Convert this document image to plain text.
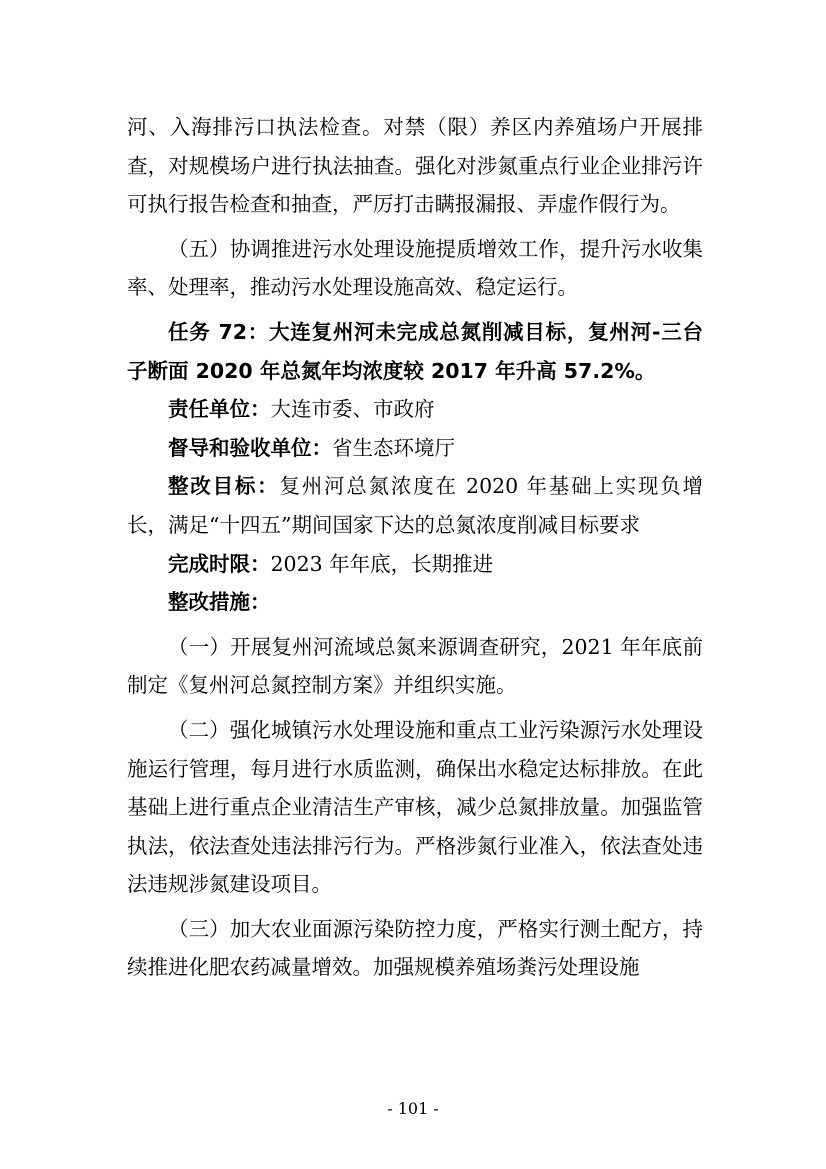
河、入海排污口执法检查。对禁（限）养区内养殖场户开展排查，对规模场户进行执法抽查。强化对涉氮重点行业企业排污许可执行报告检查和抽查，严厉打击瞒报漏报、弄虚作假行为。

（五）协调推进污水处理设施提质增效工作，提升污水收集率、处理率，推动污水处理设施高效、稳定运行。

任务 72：大连复州河未完成总氮削减目标，复州河-三台子断面 2020 年总氮年均浓度较 2017 年升高 57.2%。

责任单位：大连市委、市政府

督导和验收单位：省生态环境厅

整改目标：复州河总氮浓度在 2020 年基础上实现负增长，满足“十四五”期间国家下达的总氮浓度削减目标要求

完成时限：2023 年年底，长期推进

整改措施：

（一）开展复州河流域总氮来源调查研究，2021 年年底前制定《复州河总氮控制方案》并组织实施。

（二）强化城镇污水处理设施和重点工业污染源污水处理设施运行管理，每月进行水质监测，确保出水稳定达标排放。在此基础上进行重点企业清洁生产审核，减少总氮排放量。加强监管执法，依法查处违法排污行为。严格涉氮行业准入，依法查处违法违规涉氮建设项目。

（三）加大农业面源污染防控力度，严格实行测土配方，持续推进化肥农药减量增效。加强规模养殖场粪污处理设施

- 101 -
